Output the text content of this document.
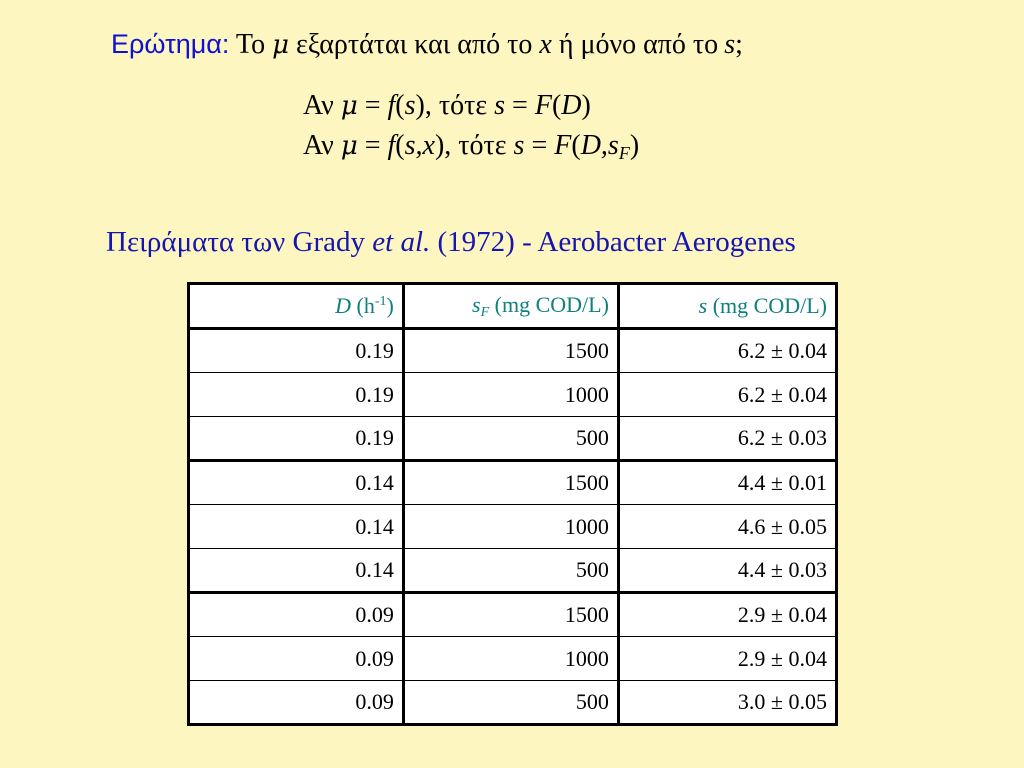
Ερώτημα: Το μ εξαρτάται και από το x ή μόνο από το s;
Αν μ = f(s), τότε s = F(D)
Αν μ = f(s,x), τότε $s = F(D,s_F)$
Πειράματα των Grady et al. (1972) - Aerobacter Aerogenes
D $(h^{-1})$	$s_F$ (mg COD/L)	s (mg COD/L)
0.19	1500	6.2 ± 0.04
0.19	1000	6.2 ± 0.04
0.19	500	6.2 ± 0.03
0.14	1500	4.4 ± 0.01
0.14	1000	4.6 ± 0.05
0.14	500	4.4 ± 0.03
0.09	1500	2.9 ± 0.04
0.09	1000	2.9 ± 0.04
0.09	500	3.0 ± 0.05
